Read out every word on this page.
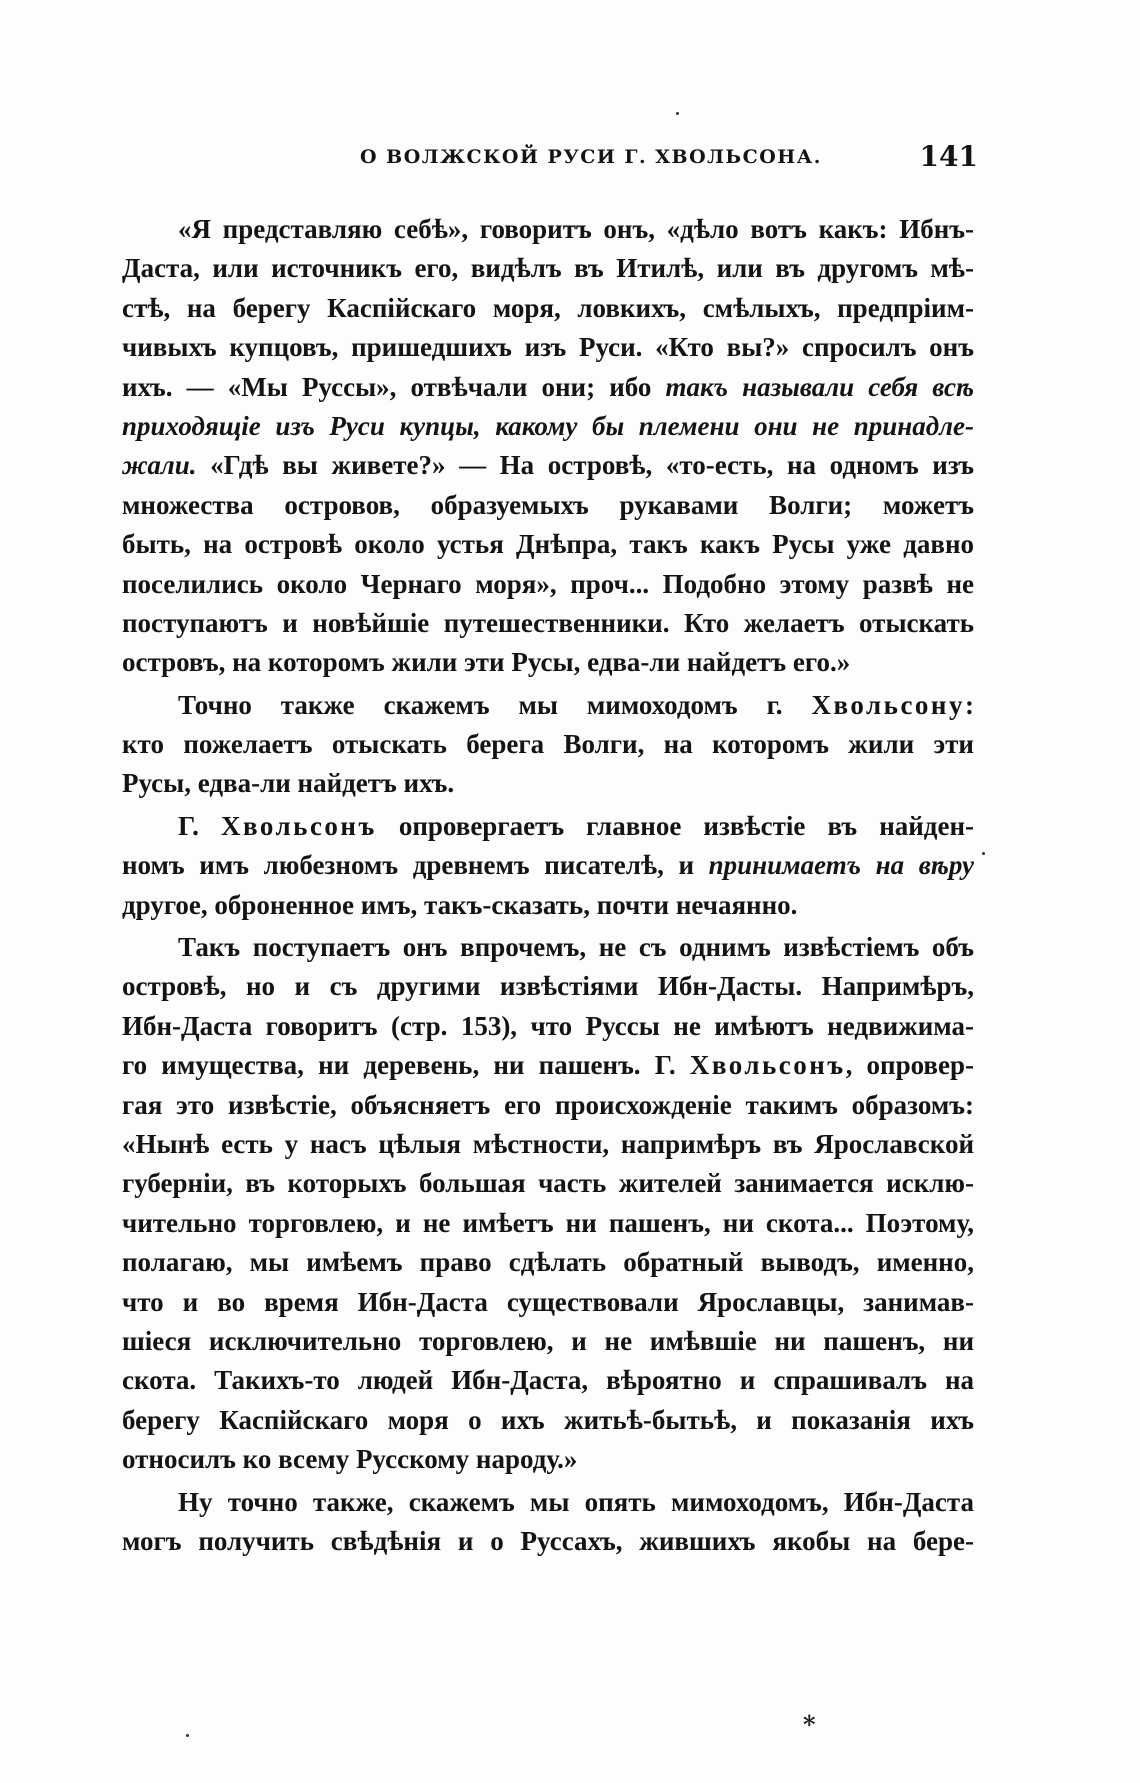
О ВОЛЖСКОЙ РУСИ Г. ХВОЛЬСОНА.	141
«Я представляю себѣ», говоритъ онъ, «дѣло вотъ какъ: Ибнъ-
Даста, или источникъ его, видѣлъ въ Итилѣ, или въ другомъ мѣ-
стѣ, на берегу Каспійскаго моря, ловкихъ, смѣлыхъ, предпріим-
чивыхъ купцовъ, пришедшихъ изъ Руси. «Кто вы?» спросилъ онъ
ихъ. — «Мы Руссы», отвѣчали они; ибо такъ называли себя всѣ
приходящіе изъ Руси купцы, какому бы племени они не принадле-
жали. «Гдѣ вы живете?» — На островѣ, «то-есть, на одномъ изъ
множества островов, образуемыхъ рукавами Волги; можетъ
быть, на островѣ около устья Днѣпра, такъ какъ Русы уже давно
поселились около Чернаго моря», проч... Подобно этому развѣ не
поступаютъ и новѣйшіе путешественники. Кто желаетъ отыскать
островъ, на которомъ жили эти Русы, едва-ли найдетъ его.»
Точно также скажемъ мы мимоходомъ г. Хвольсону:
кто пожелаетъ отыскать берега Волги, на которомъ жили эти
Русы, едва-ли найдетъ ихъ.
Г. Хвольсонъ опровергаетъ главное извѣстіе въ найден-
номъ имъ любезномъ древнемъ писателѣ, и принимаетъ на вѣру
другое, оброненное имъ, такъ-сказать, почти нечаянно.
Такъ поступаетъ онъ впрочемъ, не съ однимъ извѣстіемъ объ
островѣ, но и съ другими извѣстіями Ибн-Дасты. Напримѣръ,
Ибн-Даста говоритъ (стр. 153), что Руссы не имѣютъ недвижима-
го имущества, ни деревень, ни пашенъ. Г. Хвольсонъ, опровер-
гая это извѣстіе, объясняетъ его происхожденіе такимъ образомъ:
«Нынѣ есть у насъ цѣлыя мѣстности, напримѣръ въ Ярославской
губерніи, въ которыхъ большая часть жителей занимается исклю-
чительно торговлею, и не имѣетъ ни пашенъ, ни скота... Поэтому,
полагаю, мы имѣемъ право сдѣлать обратный выводъ, именно,
что и во время Ибн-Даста существовали Ярославцы, занимав-
шіеся исключительно торговлею, и не имѣвшіе ни пашенъ, ни
скота. Такихъ-то людей Ибн-Даста, вѣроятно и спрашивалъ на
берегу Каспійскаго моря о ихъ житьѣ-бытьѣ, и показанія ихъ
относилъ ко всему Русскому народу.»
Ну точно также, скажемъ мы опять мимоходомъ, Ибн-Даста
могъ получить свѣдѣнія и о Руссахъ, жившихъ якобы на бере-
*
